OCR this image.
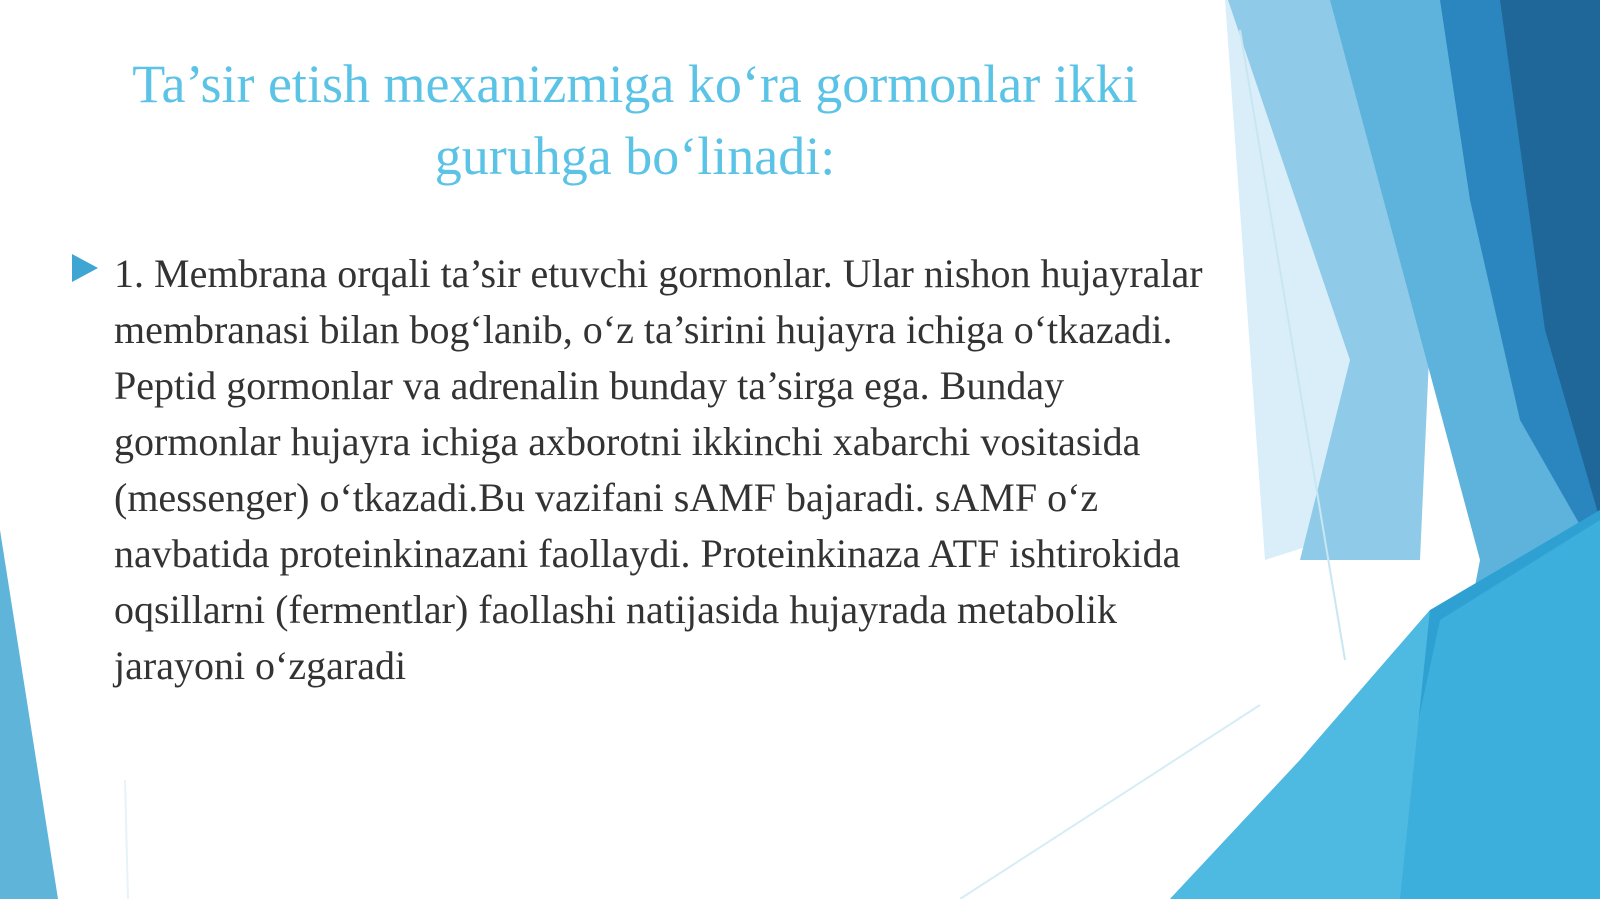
Ta’sir etish mexanizmiga ko‘ra gormonlar ikki guruhga bo‘linadi:
1. Membrana orqali ta’sir etuvchi gormonlar. Ular nishon hujayralar membranasi bilan bog‘lanib, o‘z ta’sirini hujayra ichiga o‘tkazadi. Peptid gormonlar va adrenalin bunday ta’sirga ega. Bunday gormonlar hujayra ichiga axborotni ikkinchi xabarchi vositasida (messenger) o‘tkazadi.Bu vazifani sAMF bajaradi. sAMF o‘z navbatida proteinkinazani faollaydi. Proteinkinaza ATF ishtirokida oqsillarni (fermentlar) faollashi natijasida hujayrada metabolik jarayoni o‘zgaradi
